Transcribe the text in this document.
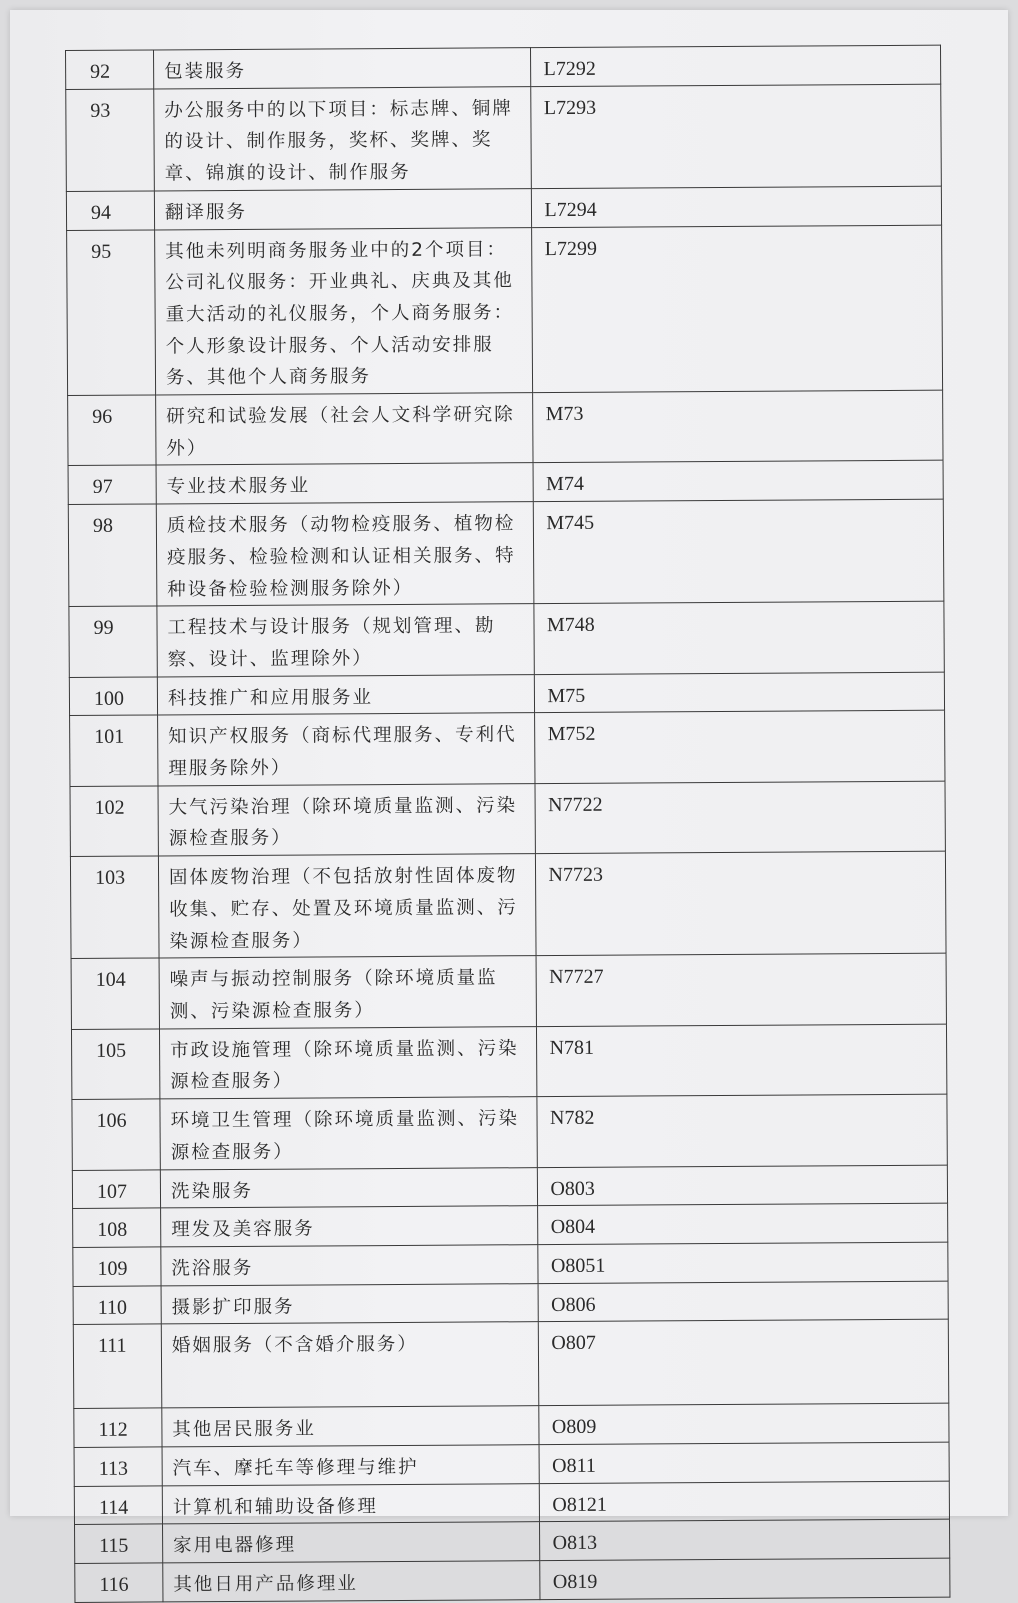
92	包装服务	L7292
93	办公服务中的以下项目：标志牌、铜牌的设计、制作服务，奖杯、奖牌、奖章、锦旗的设计、制作服务	L7293
94	翻译服务	L7294
95	其他未列明商务服务业中的2个项目：公司礼仪服务：开业典礼、庆典及其他重大活动的礼仪服务，个人商务服务：个人形象设计服务、个人活动安排服务、其他个人商务服务	L7299
96	研究和试验发展（社会人文科学研究除外）	M73
97	专业技术服务业	M74
98	质检技术服务（动物检疫服务、植物检疫服务、检验检测和认证相关服务、特种设备检验检测服务除外）	M745
99	工程技术与设计服务（规划管理、勘察、设计、监理除外）	M748
100	科技推广和应用服务业	M75
101	知识产权服务（商标代理服务、专利代理服务除外）	M752
102	大气污染治理（除环境质量监测、污染源检查服务）	N7722
103	固体废物治理（不包括放射性固体废物收集、贮存、处置及环境质量监测、污染源检查服务）	N7723
104	噪声与振动控制服务（除环境质量监测、污染源检查服务）	N7727
105	市政设施管理（除环境质量监测、污染源检查服务）	N781
106	环境卫生管理（除环境质量监测、污染源检查服务）	N782
107	洗染服务	O803
108	理发及美容服务	O804
109	洗浴服务	O8051
110	摄影扩印服务	O806
111	婚姻服务（不含婚介服务）	O807
112	其他居民服务业	O809
113	汽车、摩托车等修理与维护	O811
114	计算机和辅助设备修理	O8121
115	家用电器修理	O813
116	其他日用产品修理业	O819
